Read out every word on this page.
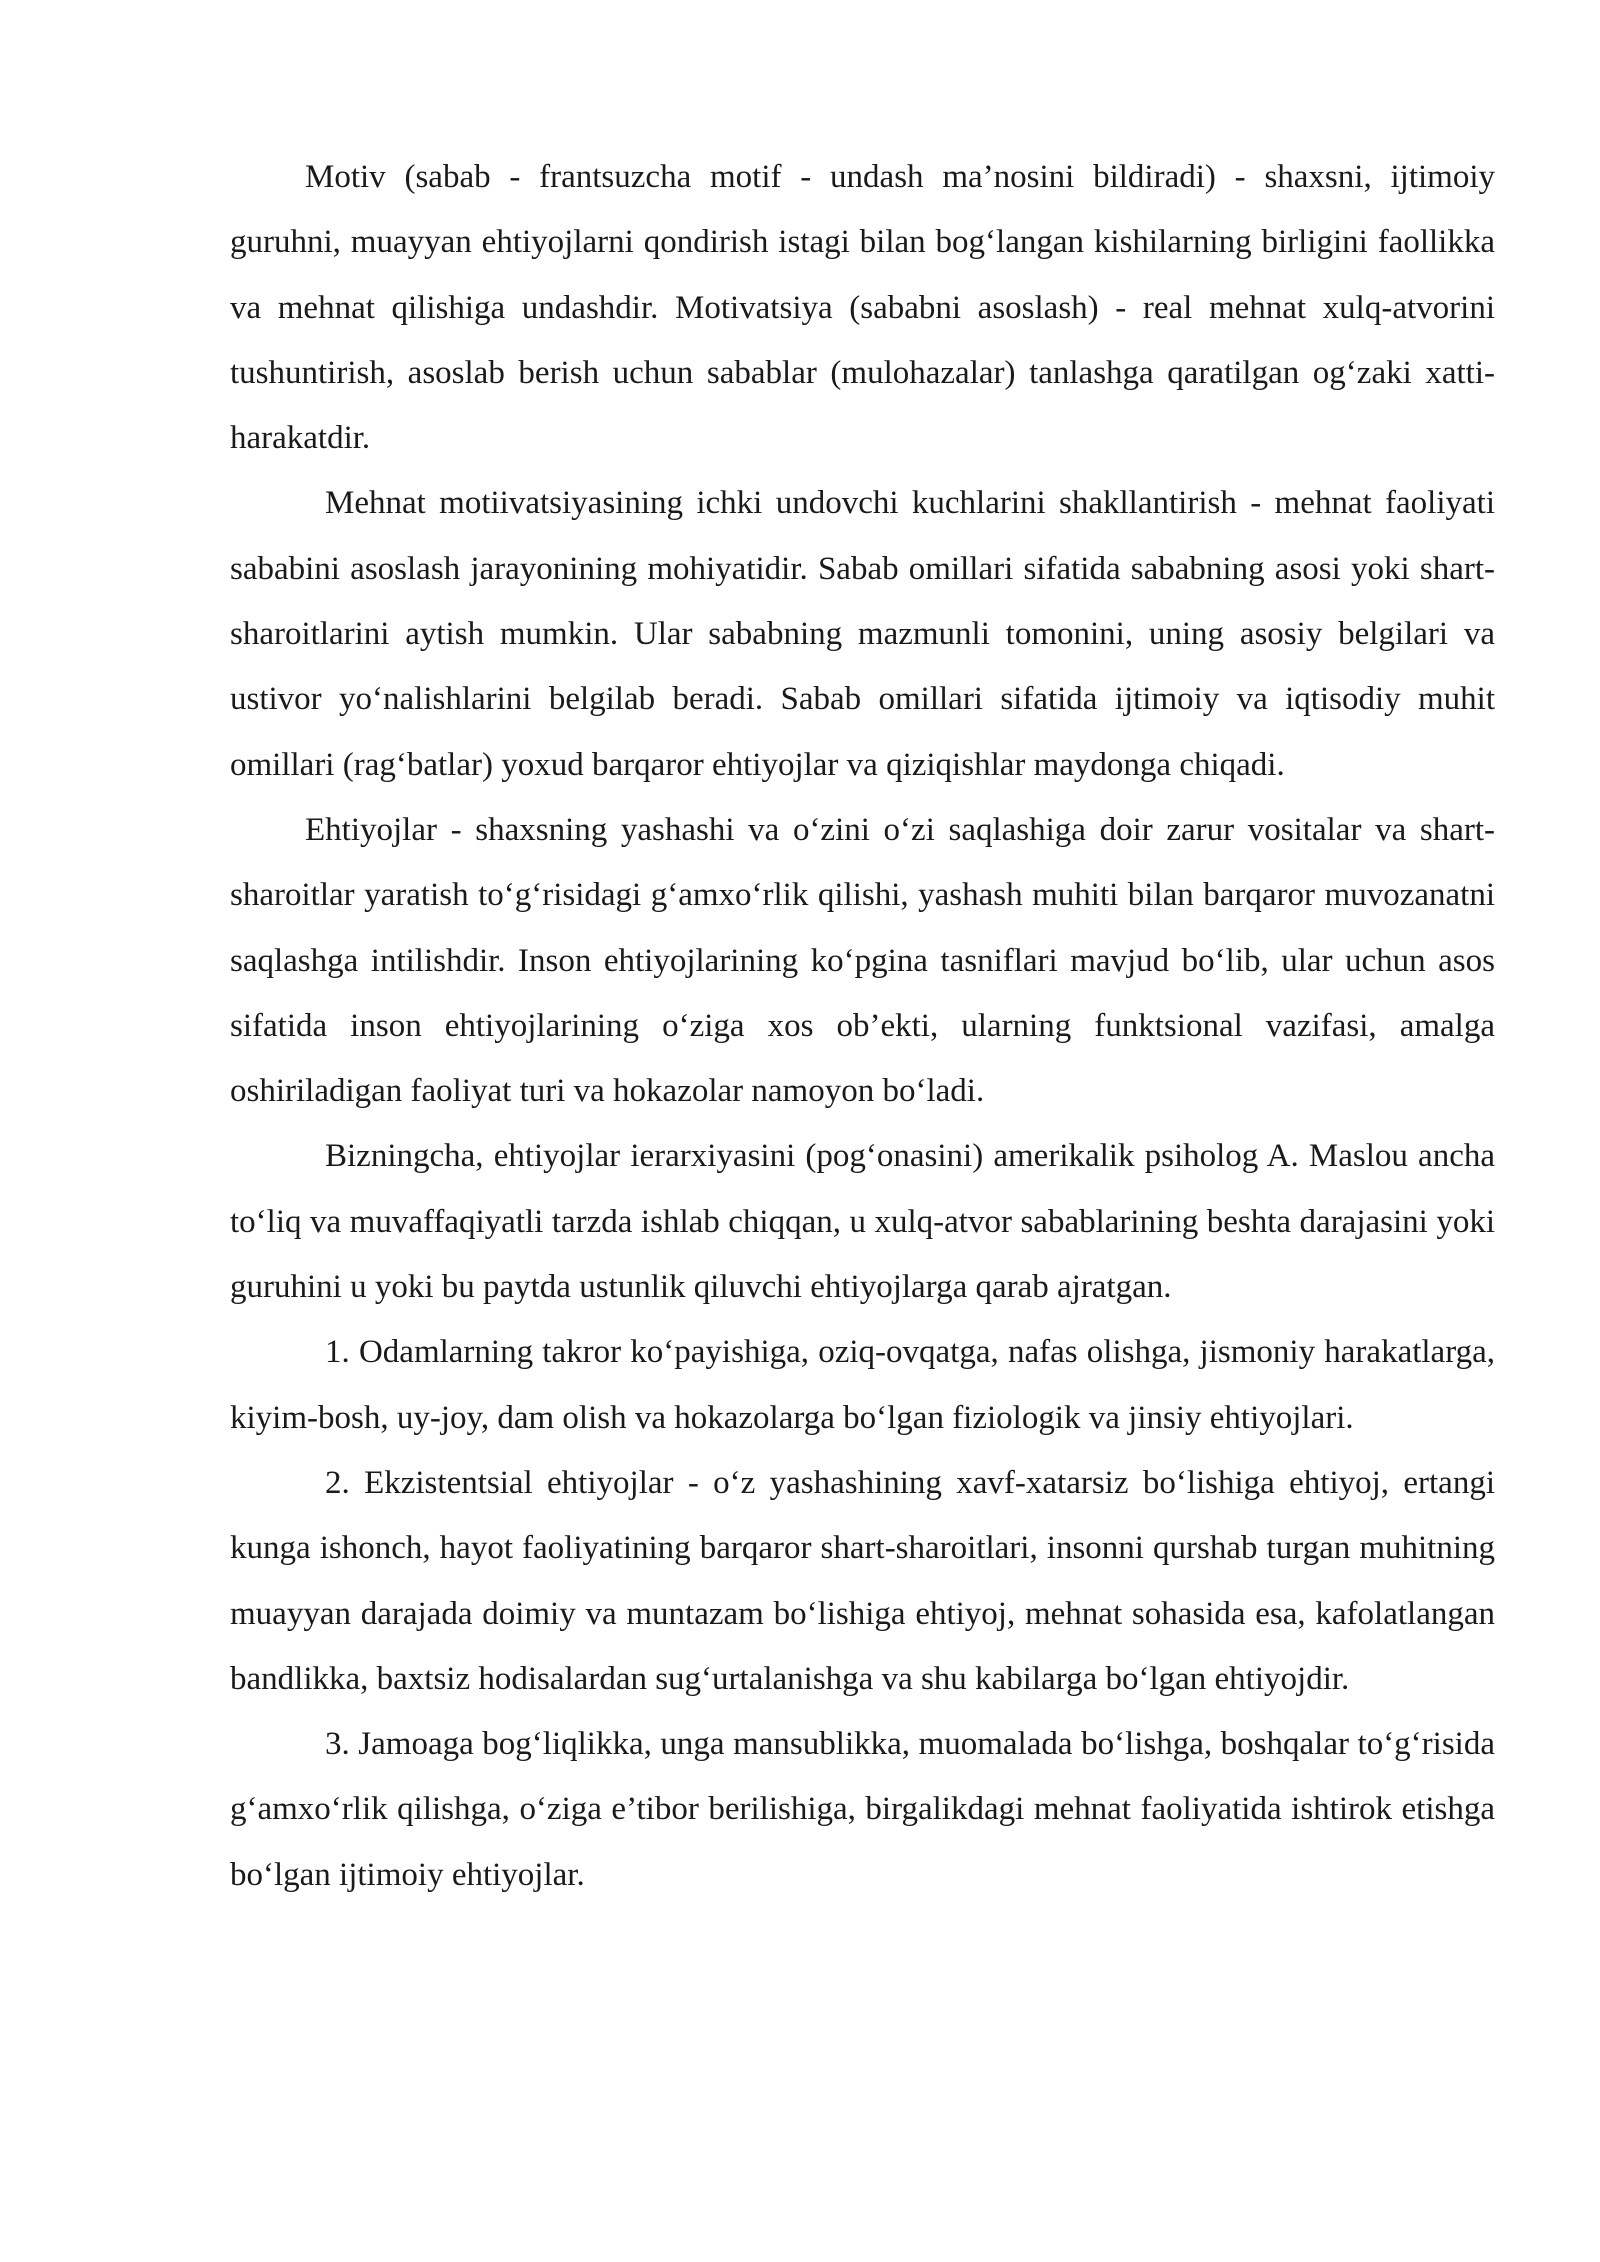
Motiv (sabab - frantsuzcha motif - undash ma’nosini bildiradi) - shaxsni, ijtimoiy guruhni, muayyan ehtiyojlarni qondirish istagi bilan bog‘langan kishilarning birligini faollikka va mehnat qilishiga undashdir. Motivatsiya (sababni asoslash) - real mehnat xulq-atvorini tushuntirish, asoslab berish uchun sabablar (mulohazalar) tanlashga qaratilgan og‘zaki xatti-harakatdir.

Mehnat motiivatsiyasining ichki undovchi kuchlarini shakllantirish - mehnat faoliyati sababini asoslash jarayonining mohiyatidir. Sabab omillari sifatida sababning asosi yoki shart-sharoitlarini aytish mumkin. Ular sababning mazmunli tomonini, uning asosiy belgilari va ustivor yo‘nalishlarini belgilab beradi. Sabab omillari sifatida ijtimoiy va iqtisodiy muhit omillari (rag‘batlar) yoxud barqaror ehtiyojlar va qiziqishlar maydonga chiqadi.

Ehtiyojlar - shaxsning yashashi va o‘zini o‘zi saqlashiga doir zarur vositalar va shart-sharoitlar yaratish to‘g‘risidagi g‘amxo‘rlik qilishi, yashash muhiti bilan barqaror muvozanatni saqlashga intilishdir. Inson ehtiyojlarining ko‘pgina tasniflari mavjud bo‘lib, ular uchun asos sifatida inson ehtiyojlarining o‘ziga xos ob’ekti, ularning funktsional vazifasi, amalga oshiriladigan faoliyat turi va hokazolar namoyon bo‘ladi.

Bizningcha, ehtiyojlar ierarxiyasini (pog‘onasini) amerikalik psiholog A. Maslou ancha to‘liq va muvaffaqiyatli tarzda ishlab chiqqan, u xulq-atvor sabablarining beshta darajasini yoki guruhini u yoki bu paytda ustunlik qiluvchi ehtiyojlarga qarab ajratgan.

1. Odamlarning takror ko‘payishiga, oziq-ovqatga, nafas olishga, jismoniy harakatlarga, kiyim-bosh, uy-joy, dam olish va hokazolarga bo‘lgan fiziologik va jinsiy ehtiyojlari.

2. Ekzistentsial ehtiyojlar - o‘z yashashining xavf-xatarsiz bo‘lishiga ehtiyoj, ertangi kunga ishonch, hayot faoliyatining barqaror shart-sharoitlari, insonni qurshab turgan muhitning muayyan darajada doimiy va muntazam bo‘lishiga ehtiyoj, mehnat sohasida esa, kafolatlangan bandlikka, baxtsiz hodisalardan sug‘urtalanishga va shu kabilarga bo‘lgan ehtiyojdir.

3. Jamoaga bog‘liqlikka, unga mansublikka, muomalada bo‘lishga, boshqalar to‘g‘risida g‘amxo‘rlik qilishga, o‘ziga e’tibor berilishiga, birgalikdagi mehnat faoliyatida ishtirok etishga bo‘lgan ijtimoiy ehtiyojlar.
